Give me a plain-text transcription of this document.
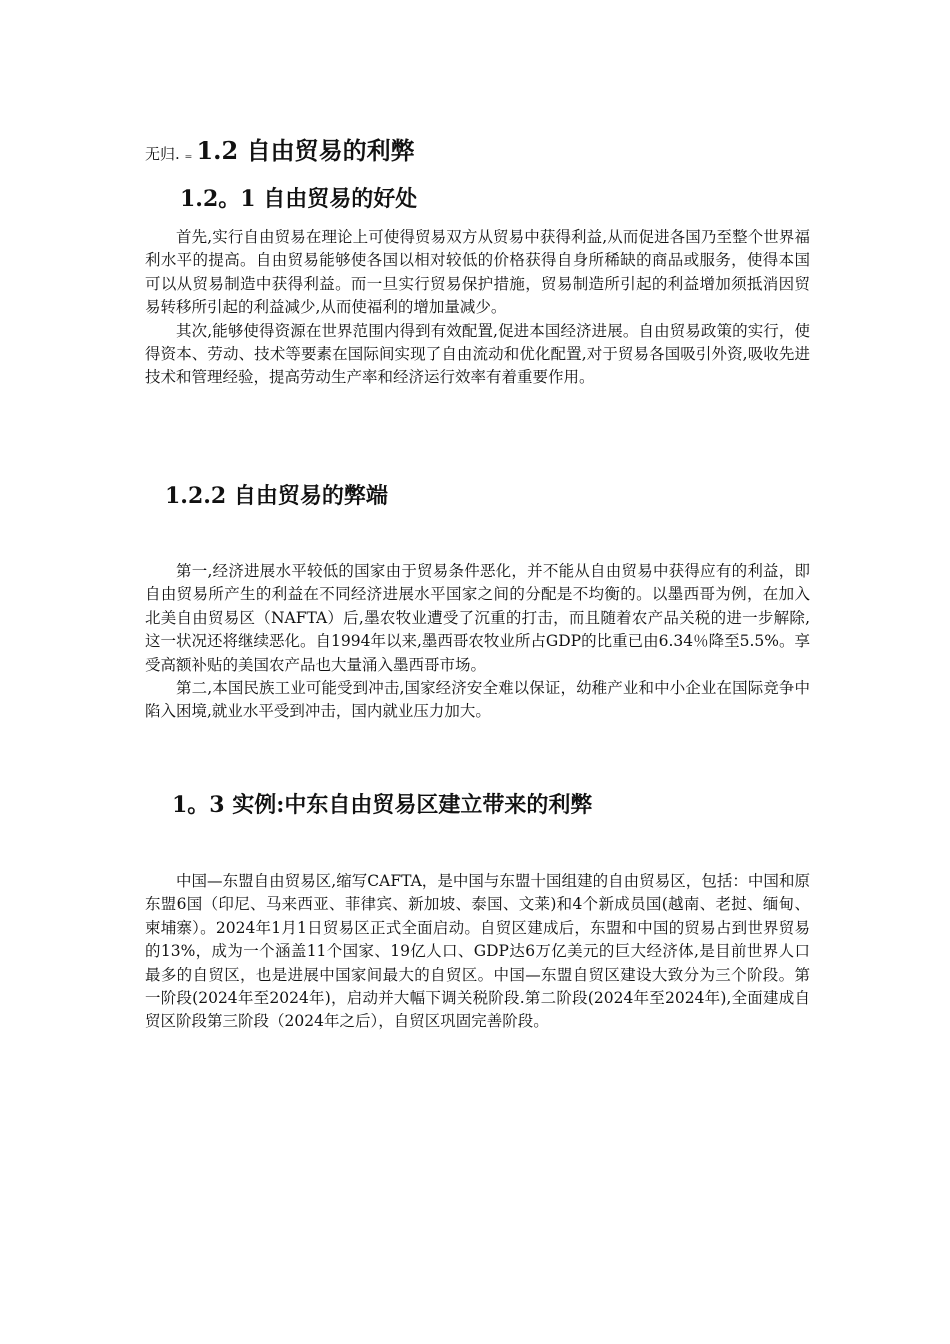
无归. ₌ 1.2 自由贸易的利弊
1.2。1 自由贸易的好处

首先,实行自由贸易在理论上可使得贸易双方从贸易中获得利益,从而促进各国乃至整个世界福利水平的提高。自由贸易能够使各国以相对较低的价格获得自身所稀缺的商品或服务，使得本国可以从贸易制造中获得利益。而一旦实行贸易保护措施，贸易制造所引起的利益增加须抵消因贸易转移所引起的利益减少,从而使福利的增加量减少。

其次,能够使得资源在世界范围内得到有效配置,促进本国经济进展。自由贸易政策的实行，使得资本、劳动、技术等要素在国际间实现了自由流动和优化配置,对于贸易各国吸引外资,吸收先进技术和管理经验，提高劳动生产率和经济运行效率有着重要作用。

1.2.2 自由贸易的弊端

第一,经济进展水平较低的国家由于贸易条件恶化，并不能从自由贸易中获得应有的利益，即自由贸易所产生的利益在不同经济进展水平国家之间的分配是不均衡的。以墨西哥为例，在加入北美自由贸易区（NAFTA）后,墨农牧业遭受了沉重的打击，而且随着农产品关税的进一步解除,这一状况还将继续恶化。自1994年以来,墨西哥农牧业所占GDP的比重已由6.34％降至5.5%。享受高额补贴的美国农产品也大量涌入墨西哥市场。

第二,本国民族工业可能受到冲击,国家经济安全难以保证，幼稚产业和中小企业在国际竞争中陷入困境,就业水平受到冲击，国内就业压力加大。

1。3 实例:中东自由贸易区建立带来的利弊

中国—东盟自由贸易区,缩写CAFTA，是中国与东盟十国组建的自由贸易区，包括：中国和原东盟6国（印尼、马来西亚、菲律宾、新加坡、泰国、文莱)和4个新成员国(越南、老挝、缅甸、柬埔寨）。2024年1月1日贸易区正式全面启动。自贸区建成后，东盟和中国的贸易占到世界贸易的13%，成为一个涵盖11个国家、19亿人口、GDP达6万亿美元的巨大经济体,是目前世界人口最多的自贸区，也是进展中国家间最大的自贸区。中国—东盟自贸区建设大致分为三个阶段。第一阶段(2024年至2024年)，启动并大幅下调关税阶段.第二阶段(2024年至2024年),全面建成自贸区阶段第三阶段（2024年之后），自贸区巩固完善阶段。
